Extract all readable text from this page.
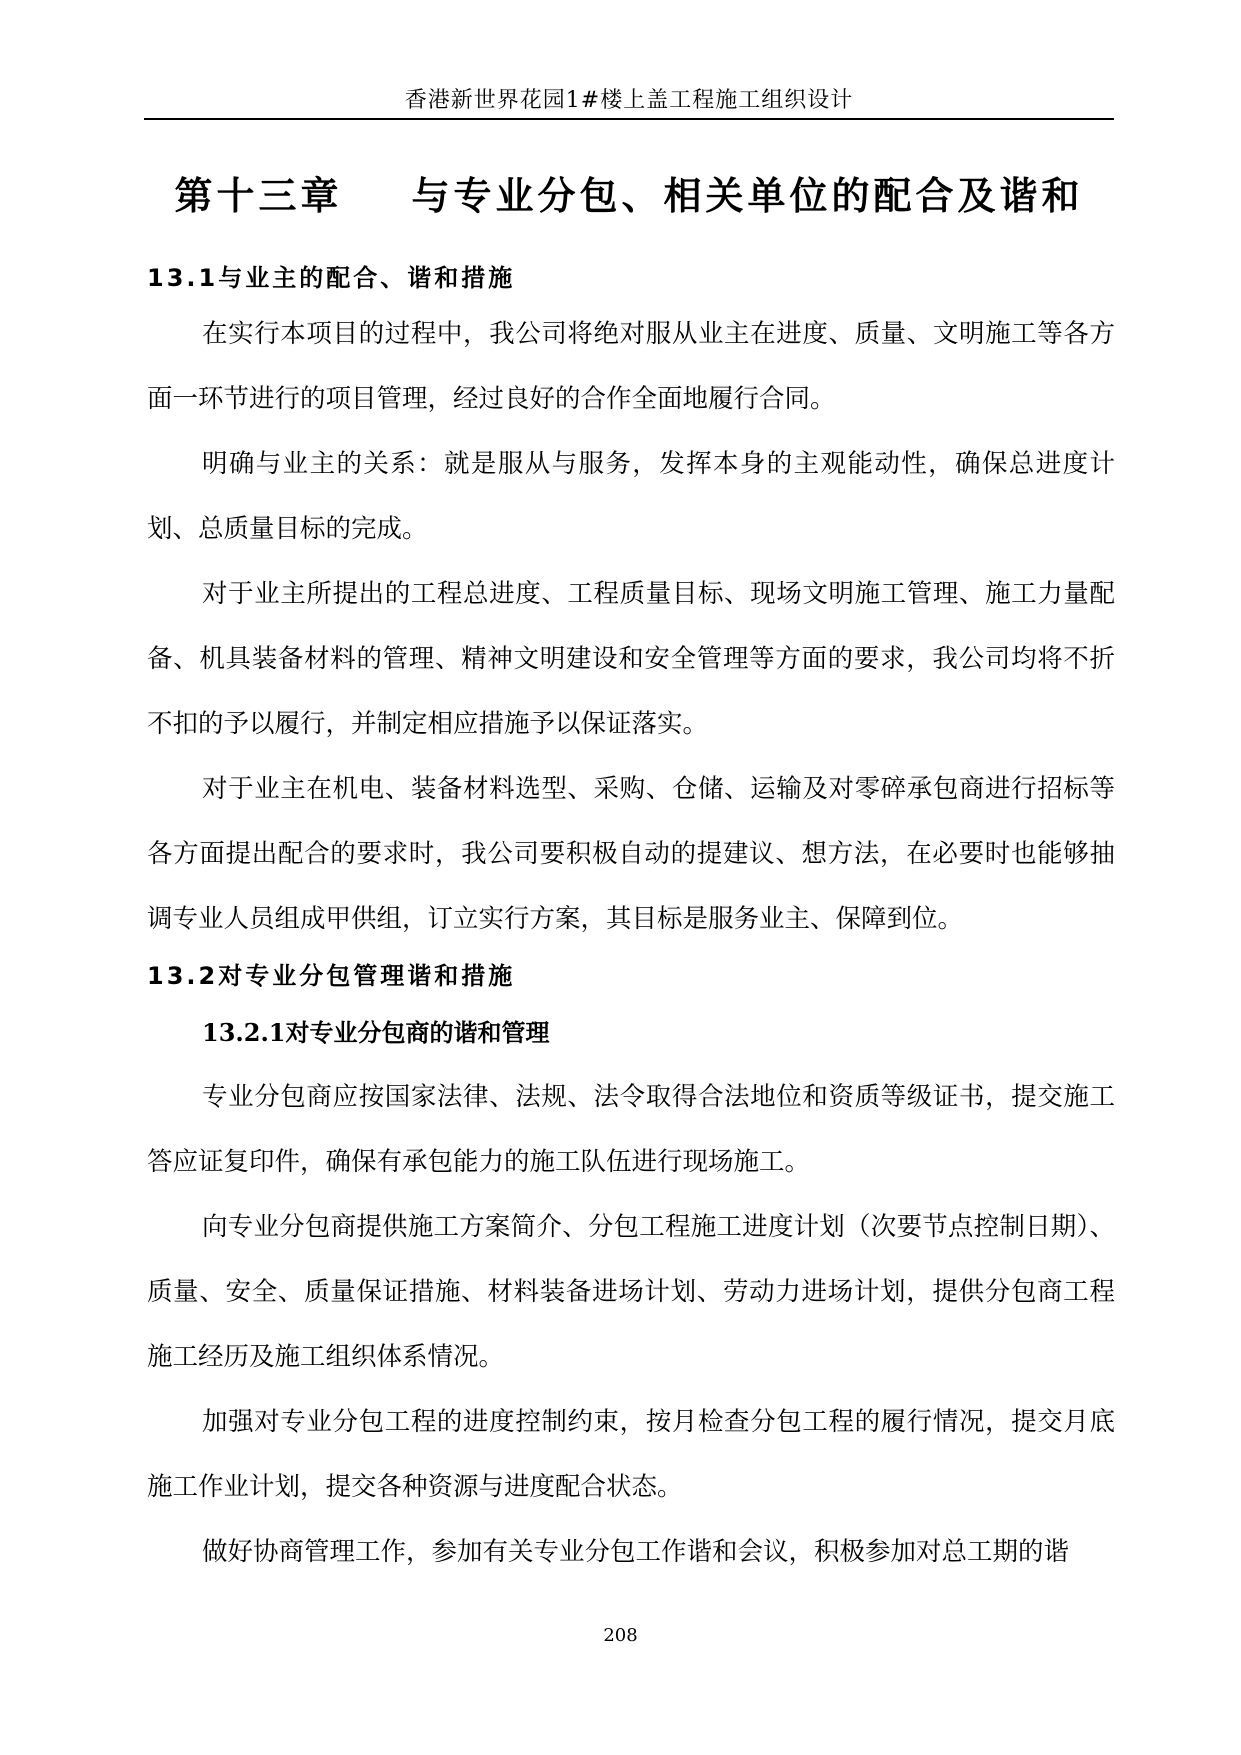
香港新世界花园1#楼上盖工程施工组织设计
第十三章    与专业分包、相关单位的配合及谐和
13.1与业主的配合、谐和措施

在实行本项目的过程中，我公司将绝对服从业主在进度、质量、文明施工等各方面一环节进行的项目管理，经过良好的合作全面地履行合同。

明确与业主的关系：就是服从与服务，发挥本身的主观能动性，确保总进度计划、总质量目标的完成。

对于业主所提出的工程总进度、工程质量目标、现场文明施工管理、施工力量配备、机具装备材料的管理、精神文明建设和安全管理等方面的要求，我公司均将不折不扣的予以履行，并制定相应措施予以保证落实。

对于业主在机电、装备材料选型、采购、仓储、运输及对零碎承包商进行招标等各方面提出配合的要求时，我公司要积极自动的提建议、想方法，在必要时也能够抽调专业人员组成甲供组，订立实行方案，其目标是服务业主、保障到位。

13.2对专业分包管理谐和措施
13.2.1对专业分包商的谐和管理

专业分包商应按国家法律、法规、法令取得合法地位和资质等级证书，提交施工答应证复印件，确保有承包能力的施工队伍进行现场施工。

向专业分包商提供施工方案简介、分包工程施工进度计划（次要节点控制日期）、质量、安全、质量保证措施、材料装备进场计划、劳动力进场计划，提供分包商工程施工经历及施工组织体系情况。

加强对专业分包工程的进度控制约束，按月检查分包工程的履行情况，提交月底施工作业计划，提交各种资源与进度配合状态。

做好协商管理工作，参加有关专业分包工作谐和会议，积极参加对总工期的谐

208
